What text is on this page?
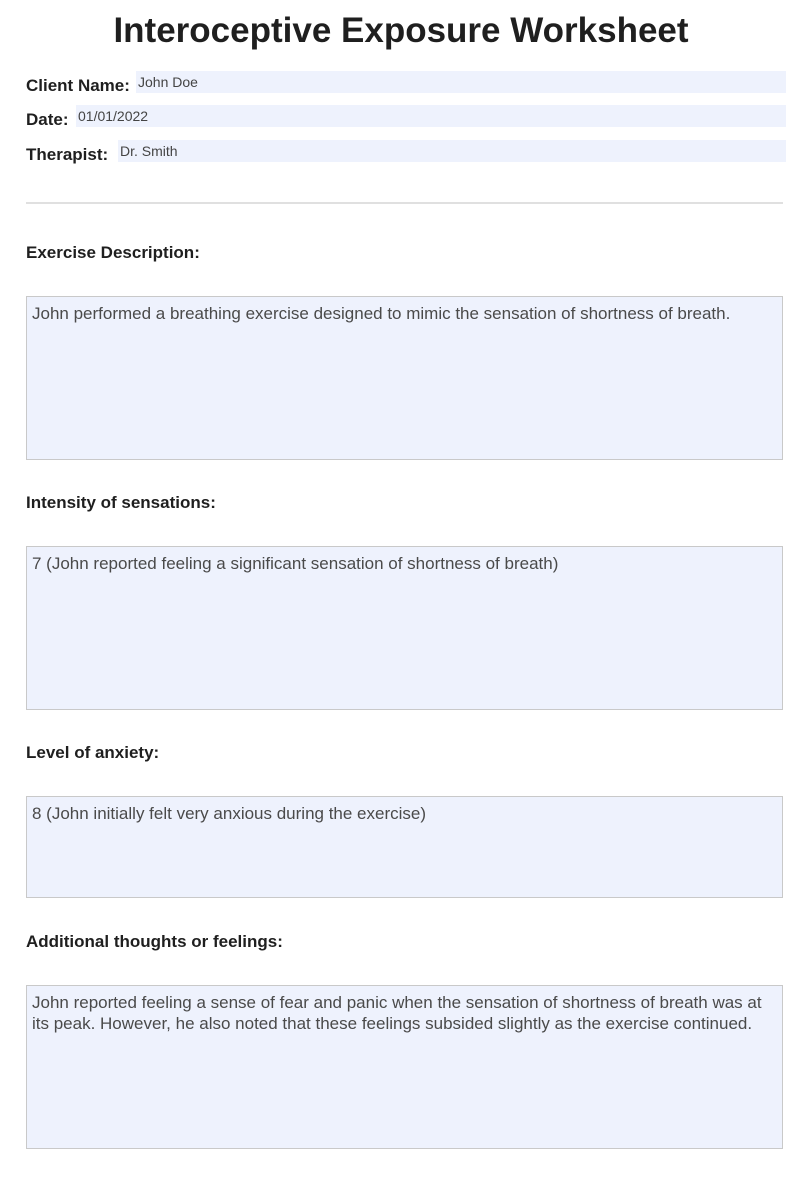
Interoceptive Exposure Worksheet
Client Name: John Doe
Date: 01/01/2022
Therapist: Dr. Smith
Exercise Description:
John performed a breathing exercise designed to mimic the sensation of shortness of breath.
Intensity of sensations:
7 (John reported feeling a significant sensation of shortness of breath)
Level of anxiety:
8 (John initially felt very anxious during the exercise)
Additional thoughts or feelings:
John reported feeling a sense of fear and panic when the sensation of shortness of breath was at its peak. However, he also noted that these feelings subsided slightly as the exercise continued.
